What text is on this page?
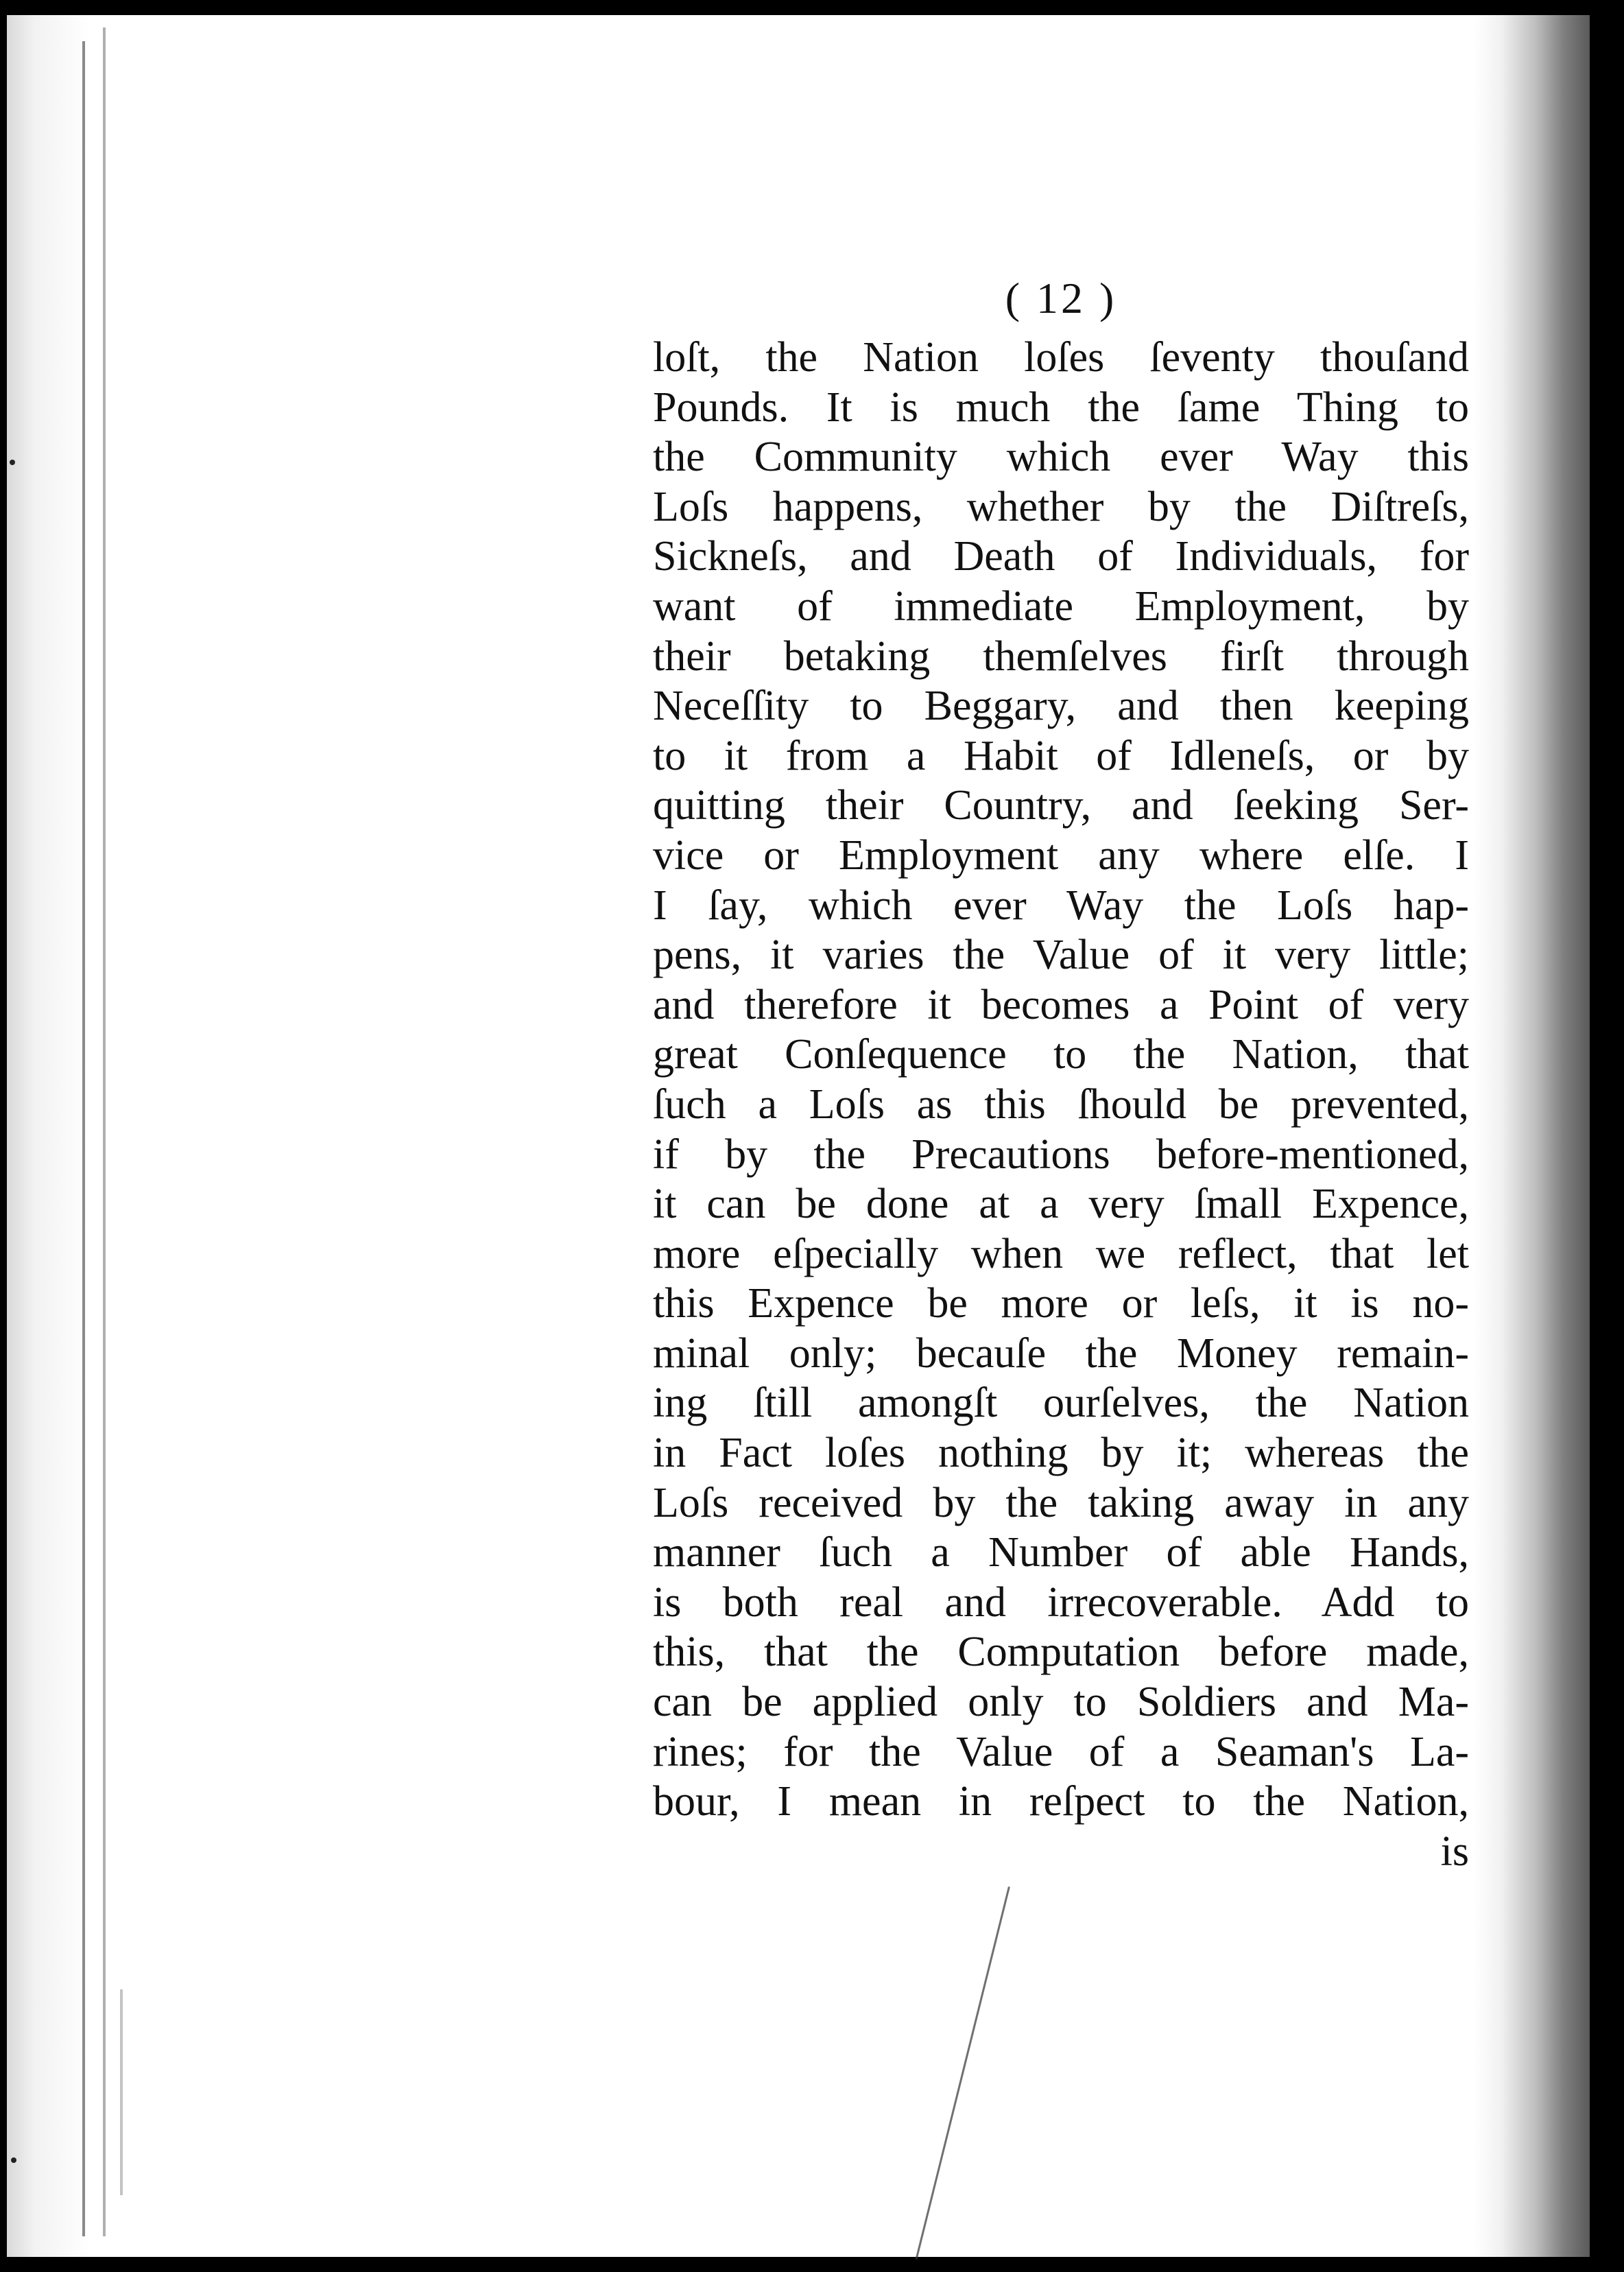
( 12 )
loſt, the Nation loſes ſeventy thouſand
Pounds. It is much the ſame Thing to
the Community which ever Way this
Loſs happens, whether by the Diſtreſs,
Sickneſs, and Death of Individuals, for
want of immediate Employment, by
their betaking themſelves firſt through
Neceſſity to Beggary, and then keeping
to it from a Habit of Idleneſs, or by
quitting their Country, and ſeeking Ser-
vice or Employment any where elſe. I
I ſay, which ever Way the Loſs hap-
pens, it varies the Value of it very little;
and therefore it becomes a Point of very
great Conſequence to the Nation, that
ſuch a Loſs as this ſhould be prevented,
if by the Precautions before-mentioned,
it can be done at a very ſmall Expence,
more eſpecially when we reflect, that let
this Expence be more or leſs, it is no-
minal only; becauſe the Money remain-
ing ſtill amongſt ourſelves, the Nation
in Fact loſes nothing by it; whereas the
Loſs received by the taking away in any
manner ſuch a Number of able Hands,
is both real and irrecoverable. Add to
this, that the Computation before made,
can be applied only to Soldiers and Ma-
rines; for the Value of a Seaman's La-
bour, I mean in reſpect to the Nation,
is
